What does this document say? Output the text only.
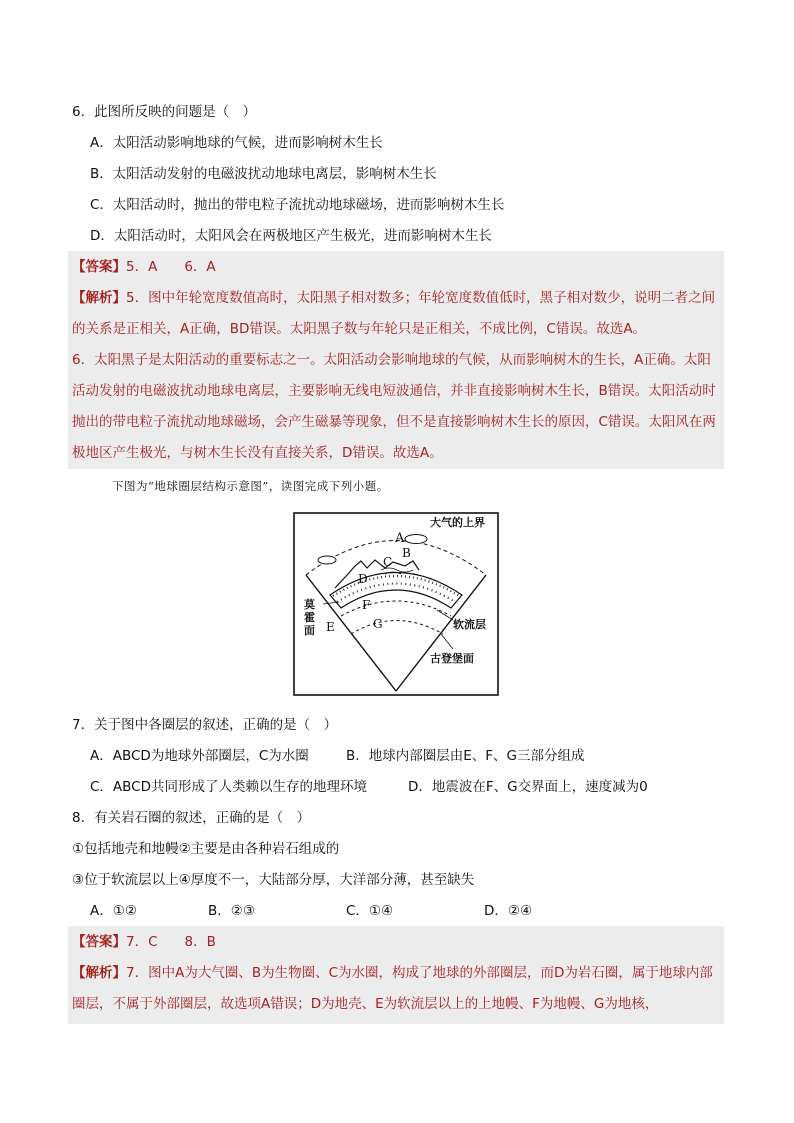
6．此图所反映的问题是（　）
A．太阳活动影响地球的气候，进而影响树木生长
B．太阳活动发射的电磁波扰动地球电离层，影响树木生长
C．太阳活动时，抛出的带电粒子流扰动地球磁场，进而影响树木生长
D．太阳活动时，太阳风会在两极地区产生极光，进而影响树木生长
【答案】5．A　　6．A
【解析】5．图中年轮宽度数值高时，太阳黑子相对数多；年轮宽度数值低时，黑子相对数少，说明二者之间的关系是正相关，A正确，BD错误。太阳黑子数与年轮只是正相关，不成比例，C错误。故选A。
6．太阳黑子是太阳活动的重要标志之一。太阳活动会影响地球的气候，从而影响树木的生长，A正确。太阳活动发射的电磁波扰动地球电离层，主要影响无线电短波通信，并非直接影响树木生长，B错误。太阳活动时抛出的带电粒子流扰动地球磁场，会产生磁暴等现象，但不是直接影响树木生长的原因，C错误。太阳风在两极地区产生极光，与树木生长没有直接关系，D错误。故选A。
下图为“地球圈层结构示意图”，读图完成下列小题。
大气的上界
A
B
C
D
E
F
G
莫
霍
面	软流层
古登堡面
7．关于图中各圈层的叙述，正确的是（　）
A．ABCD为地球外部圈层，C为水圈	B．地球内部圈层由E、F、G三部分组成
C．ABCD共同形成了人类赖以生存的地理环境	D．地震波在F、G交界面上，速度减为0
8．有关岩石圈的叙述，正确的是（　）
①包括地壳和地幔②主要是由各种岩石组成的
③位于软流层以上④厚度不一，大陆部分厚，大洋部分薄，甚至缺失
A．①②	B．②③	C．①④	D．②④
【答案】7．C　　8．B
【解析】7．图中A为大气圈、B为生物圈、C为水圈，构成了地球的外部圈层，而D为岩石圈，属于地球内部圈层，不属于外部圈层，故选项A错误；D为地壳、E为软流层以上的上地幔、F为地幔、G为地核，
